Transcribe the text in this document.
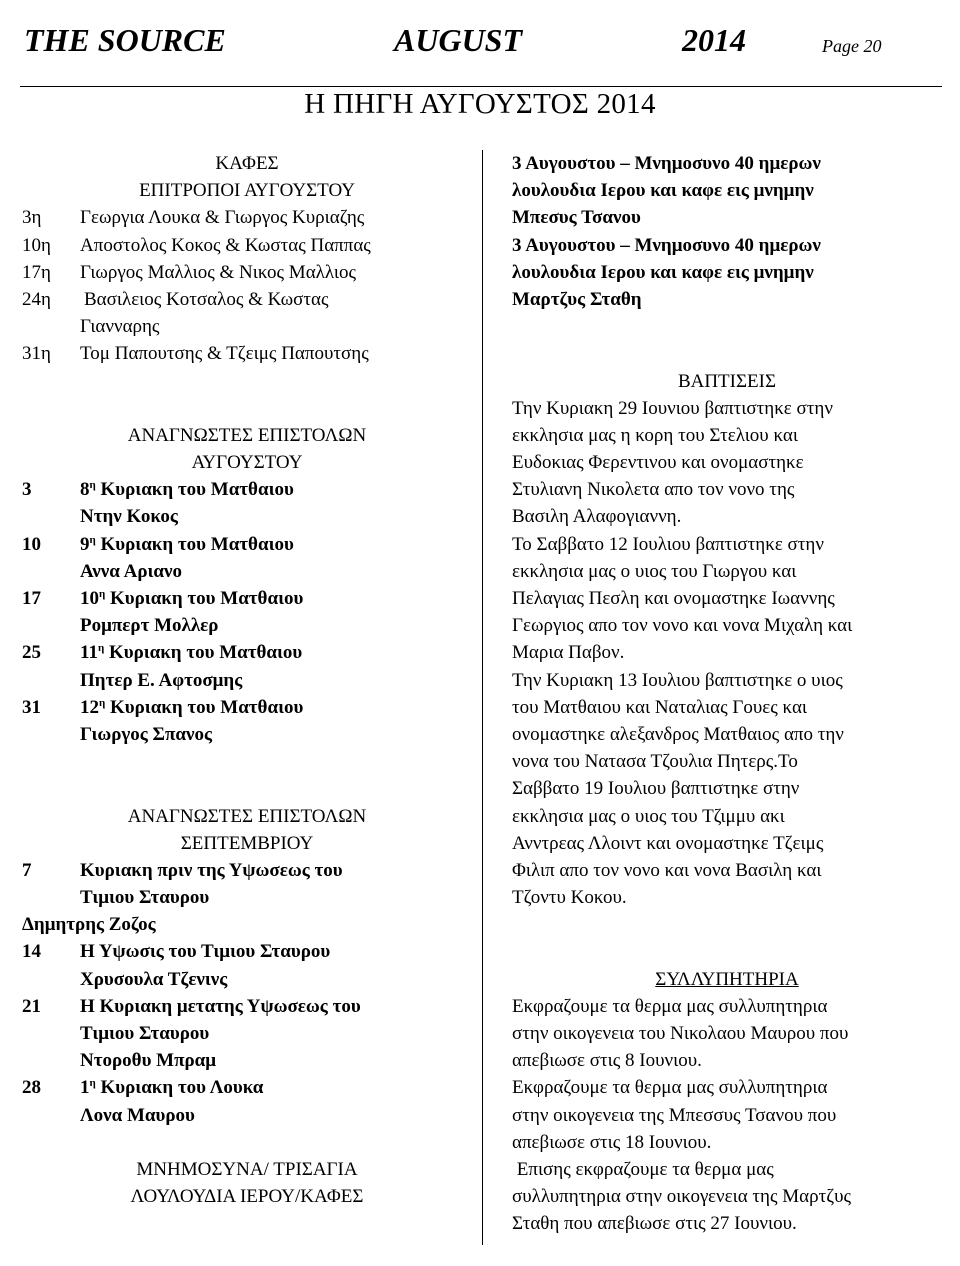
THE SOURCE	AUGUST	2014	Page 20
Η ΠΗΓΗ ΑΥΓΟΥΣΤΟΣ 2014
ΚΑΦΕΣ
ΕΠΙΤΡΟΠΟΙ ΑΥΓΟΥΣΤΟΥ
3η Γεωργια Λουκα & Γιωργος Κυριαζης
10η Αποστολος Κοκος & Κωστας Παππας
17η Γιωργος Μαλλιος & Νικος Μαλλιος
24η Βασιλειος Κοτσαλος & Κωστας
Γιανναρης
31η Τομ Παπουτσης & Τζειμς Παπουτσης
ΑΝΑΓΝΩΣΤΕΣ ΕΠΙΣΤΟΛΩΝ
ΑΥΓΟΥΣΤΟΥ
3	$8^\eta$ Κυριακη του Ματθαιου
Ντην Κοκος
10 $9^\eta$ Κυριακη του Ματθαιου
Αννα Αριανο
17 $10^\eta$ Κυριακη του Ματθαιου
Ρομπερτ Μολλερ
25 $11^\eta$ Κυριακη του Ματθαιου
Πητερ Ε. Αφτοσμης
31 $12^\eta$ Κυριακη του Ματθαιου
Γιωργος Σπανος
ΑΝΑΓΝΩΣΤΕΣ ΕΠΙΣΤΟΛΩΝ
ΣΕΠΤΕΜΒΡΙΟΥ
7	Κυριακη πριν της Υψωσεως του
Τιμιου Σταυρου
Δημητρης Ζοζος
14 Η Υψωσις του Τιμιου Σταυρου
Χρυσουλα Τζενινς
21 Η Κυριακη μετατης Υψωσεως του
Τιμιου Σταυρου
Ντοροθυ Μπραμ
28 $1^\eta$ Κυριακη του Λουκα
Λονα Μαυρου
ΜΝΗΜΟΣΥΝΑ/ ΤΡΙΣΑΓΙΑ
ΛΟΥΛΟΥΔΙΑ ΙΕΡΟΥ/ΚΑΦΕΣ
3 Αυγουστου – Μνημοσυνο 40 ημερων
λουλουδια Ιερου και καφε εις μνημην
Μπεσυς Τσανου
3 Αυγουστου – Μνημοσυνο 40 ημερων
λουλουδια Ιερου και καφε εις μνημην
Μαρτζυς Σταθη
ΒΑΠΤΙΣΕΙΣ
Την Κυριακη 29 Ιουνιου βαπτιστηκε στην
εκκλησια μας η κορη του Στελιου και
Ευδοκιας Φερεντινου και ονομαστηκε
Στυλιανη Νικολετα απο τον νονο της
Βασιλη Αλαφογιαννη.
Το Σαββατο 12 Ιουλιου βαπτιστηκε στην
εκκλησια μας ο υιος του Γιωργου και
Πελαγιας Πεσλη και ονομαστηκε Ιωαννης
Γεωργιος απο τον νονο και νονα Μιχαλη και
Μαρια Παβον.
Την Κυριακη 13 Ιουλιου βαπτιστηκε ο υιος
του Ματθαιου και Ναταλιας Γουες και
ονομαστηκε αλεξανδρος Ματθαιος απο την
νονα του Νατασα Τζουλια Πητερς.Το
Σαββατο 19 Ιουλιου βαπτιστηκε στην
εκκλησια μας ο υιος του Τζιμμυ ακι
Ανντρεας Λλοιντ και ονομαστηκε Τζειμς
Φιλιπ απο τον νονο και νονα Βασιλη και
Τζοντυ Κοκου.
ΣΥΛΛΥΠΗΤΗΡΙΑ
Εκφραζουμε τα θερμα μας συλλυπητηρια
στην οικογενεια του Νικολαου Μαυρου που
απεβιωσε στις 8 Ιουνιου.
Εκφραζουμε τα θερμα μας συλλυπητηρια
στην οικογενεια της Μπεσσυς Τσανου που
απεβιωσε στις 18 Ιουνιου.
Επισης εκφραζουμε τα θερμα μας
συλλυπητηρια στην οικογενεια της Μαρτζυς
Σταθη που απεβιωσε στις 27 Ιουνιου.
